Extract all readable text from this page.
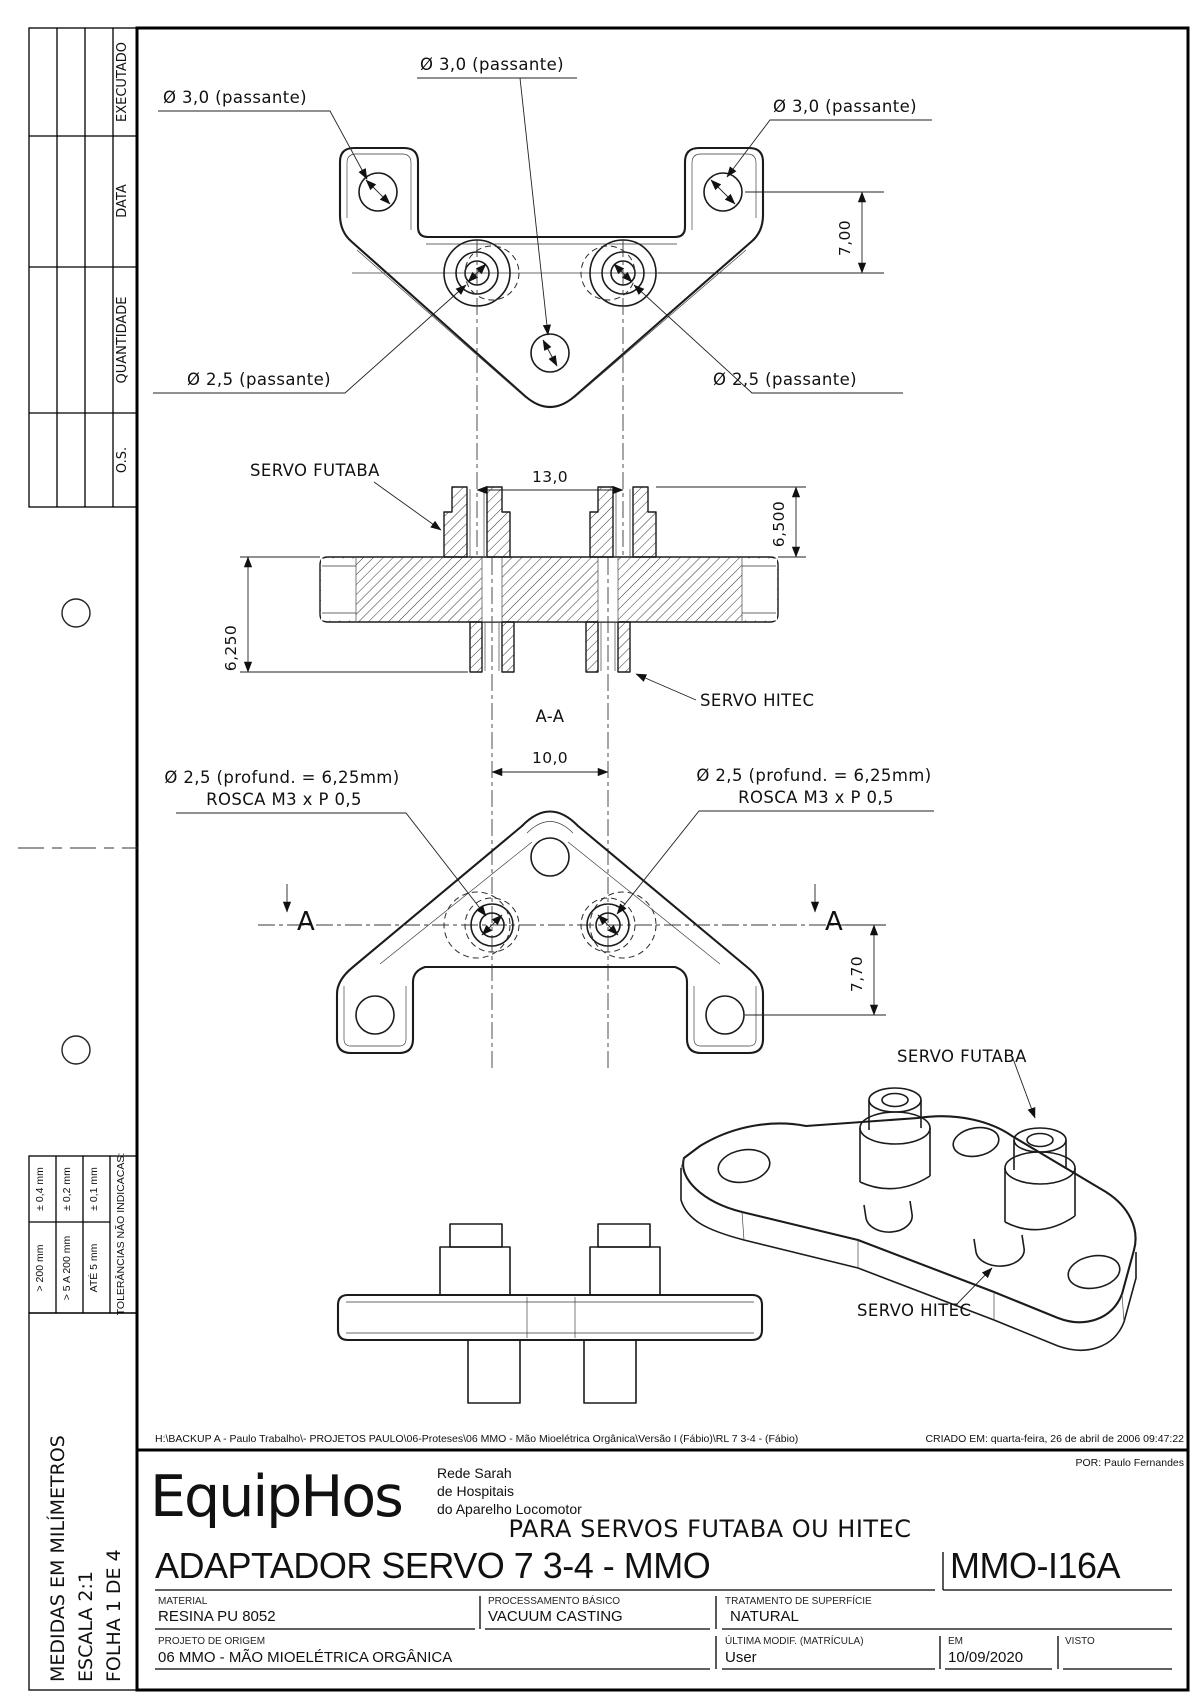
EXECUTADO
DATA
QUANTIDADE
O.S.
± 0,4 mm
> 200 mm
± 0,2 mm
> 5 A 200 mm
± 0,1 mm
ATÉ 5 mm TOLERÂNCIAS NÃO INDICACAS:
MEDIDAS EM MILÍMETROS ESCALA 2:1 FOLHA 1 DE 4
Ø 3,0 (passante)
Ø 3,0 (passante)
Ø 3,0 (passante)
Ø 2,5 (passante)	Ø 2,5 (passante)
7,00
13,0
6,500
6,250
SERVO FUTABA
SERVO HITEC
A-A
A	A
10,0
7,70
Ø 2,5 (profund. = 6,25mm)
ROSCA M3 x P 0,5
Ø 2,5 (profund. = 6,25mm)
ROSCA M3 x P 0,5
SERVO FUTABA
SERVO HITEC
H:\BACKUP A - Paulo Trabalho\- PROJETOS PAULO\06-Proteses\06 MMO - Mão Mioelétrica Orgânica\Versão I (Fábio)\RL 7 3-4 - (Fábio)	CRIADO EM: quarta-feira, 26 de abril de 2006 09:47:22
POR: Paulo Fernandes
EquipHos	Rede Sarah
de Hospitais
do Aparelho Locomotor
PARA SERVOS FUTABA OU HITEC
ADAPTADOR SERVO 7 3-4 - MMO	MMO-I16A
MATERIAL
RESINA PU 8052
PROCESSAMENTO BÁSICO
VACUUM CASTING
TRATAMENTO DE SUPERFÍCIE
NATURAL
PROJETO DE ORIGEM
06 MMO - MÃO MIOELÉTRICA ORGÂNICA
ÚLTIMA MODIF. (MATRÍCULA)
User
EM
10/09/2020
VISTO
